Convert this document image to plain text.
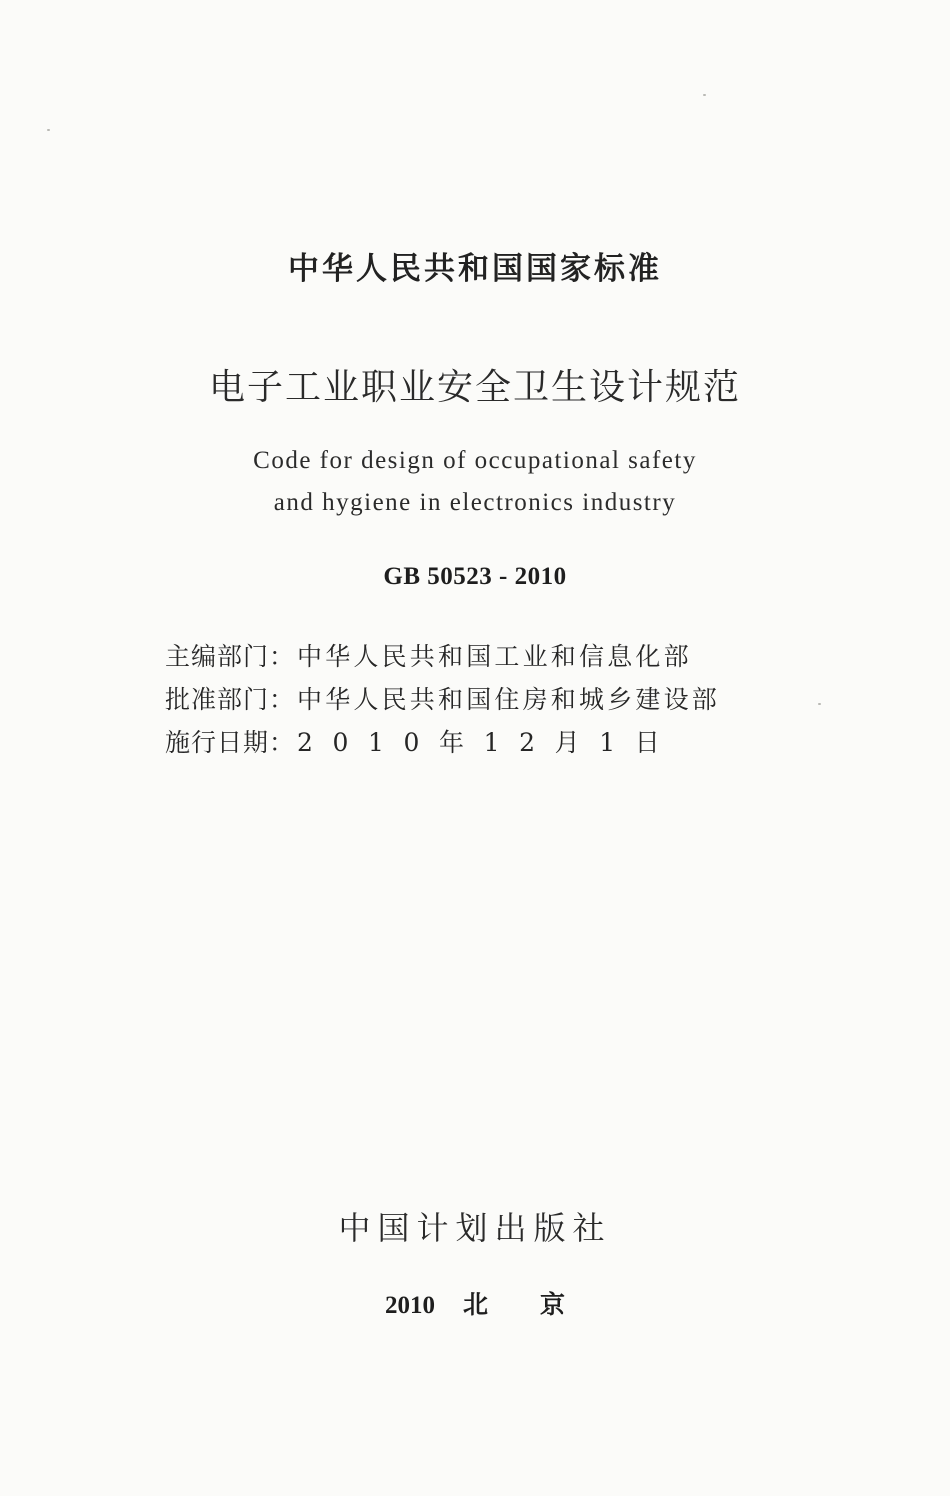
中华人民共和国国家标准
电子工业职业安全卫生设计规范
Code for design of occupational safety
and hygiene in electronics industry
GB 50523 - 2010
主编部门：中华人民共和国工业和信息化部
批准部门：中华人民共和国住房和城乡建设部
施行日期：2010年12月1日
中国计划出版社
2010 北京
